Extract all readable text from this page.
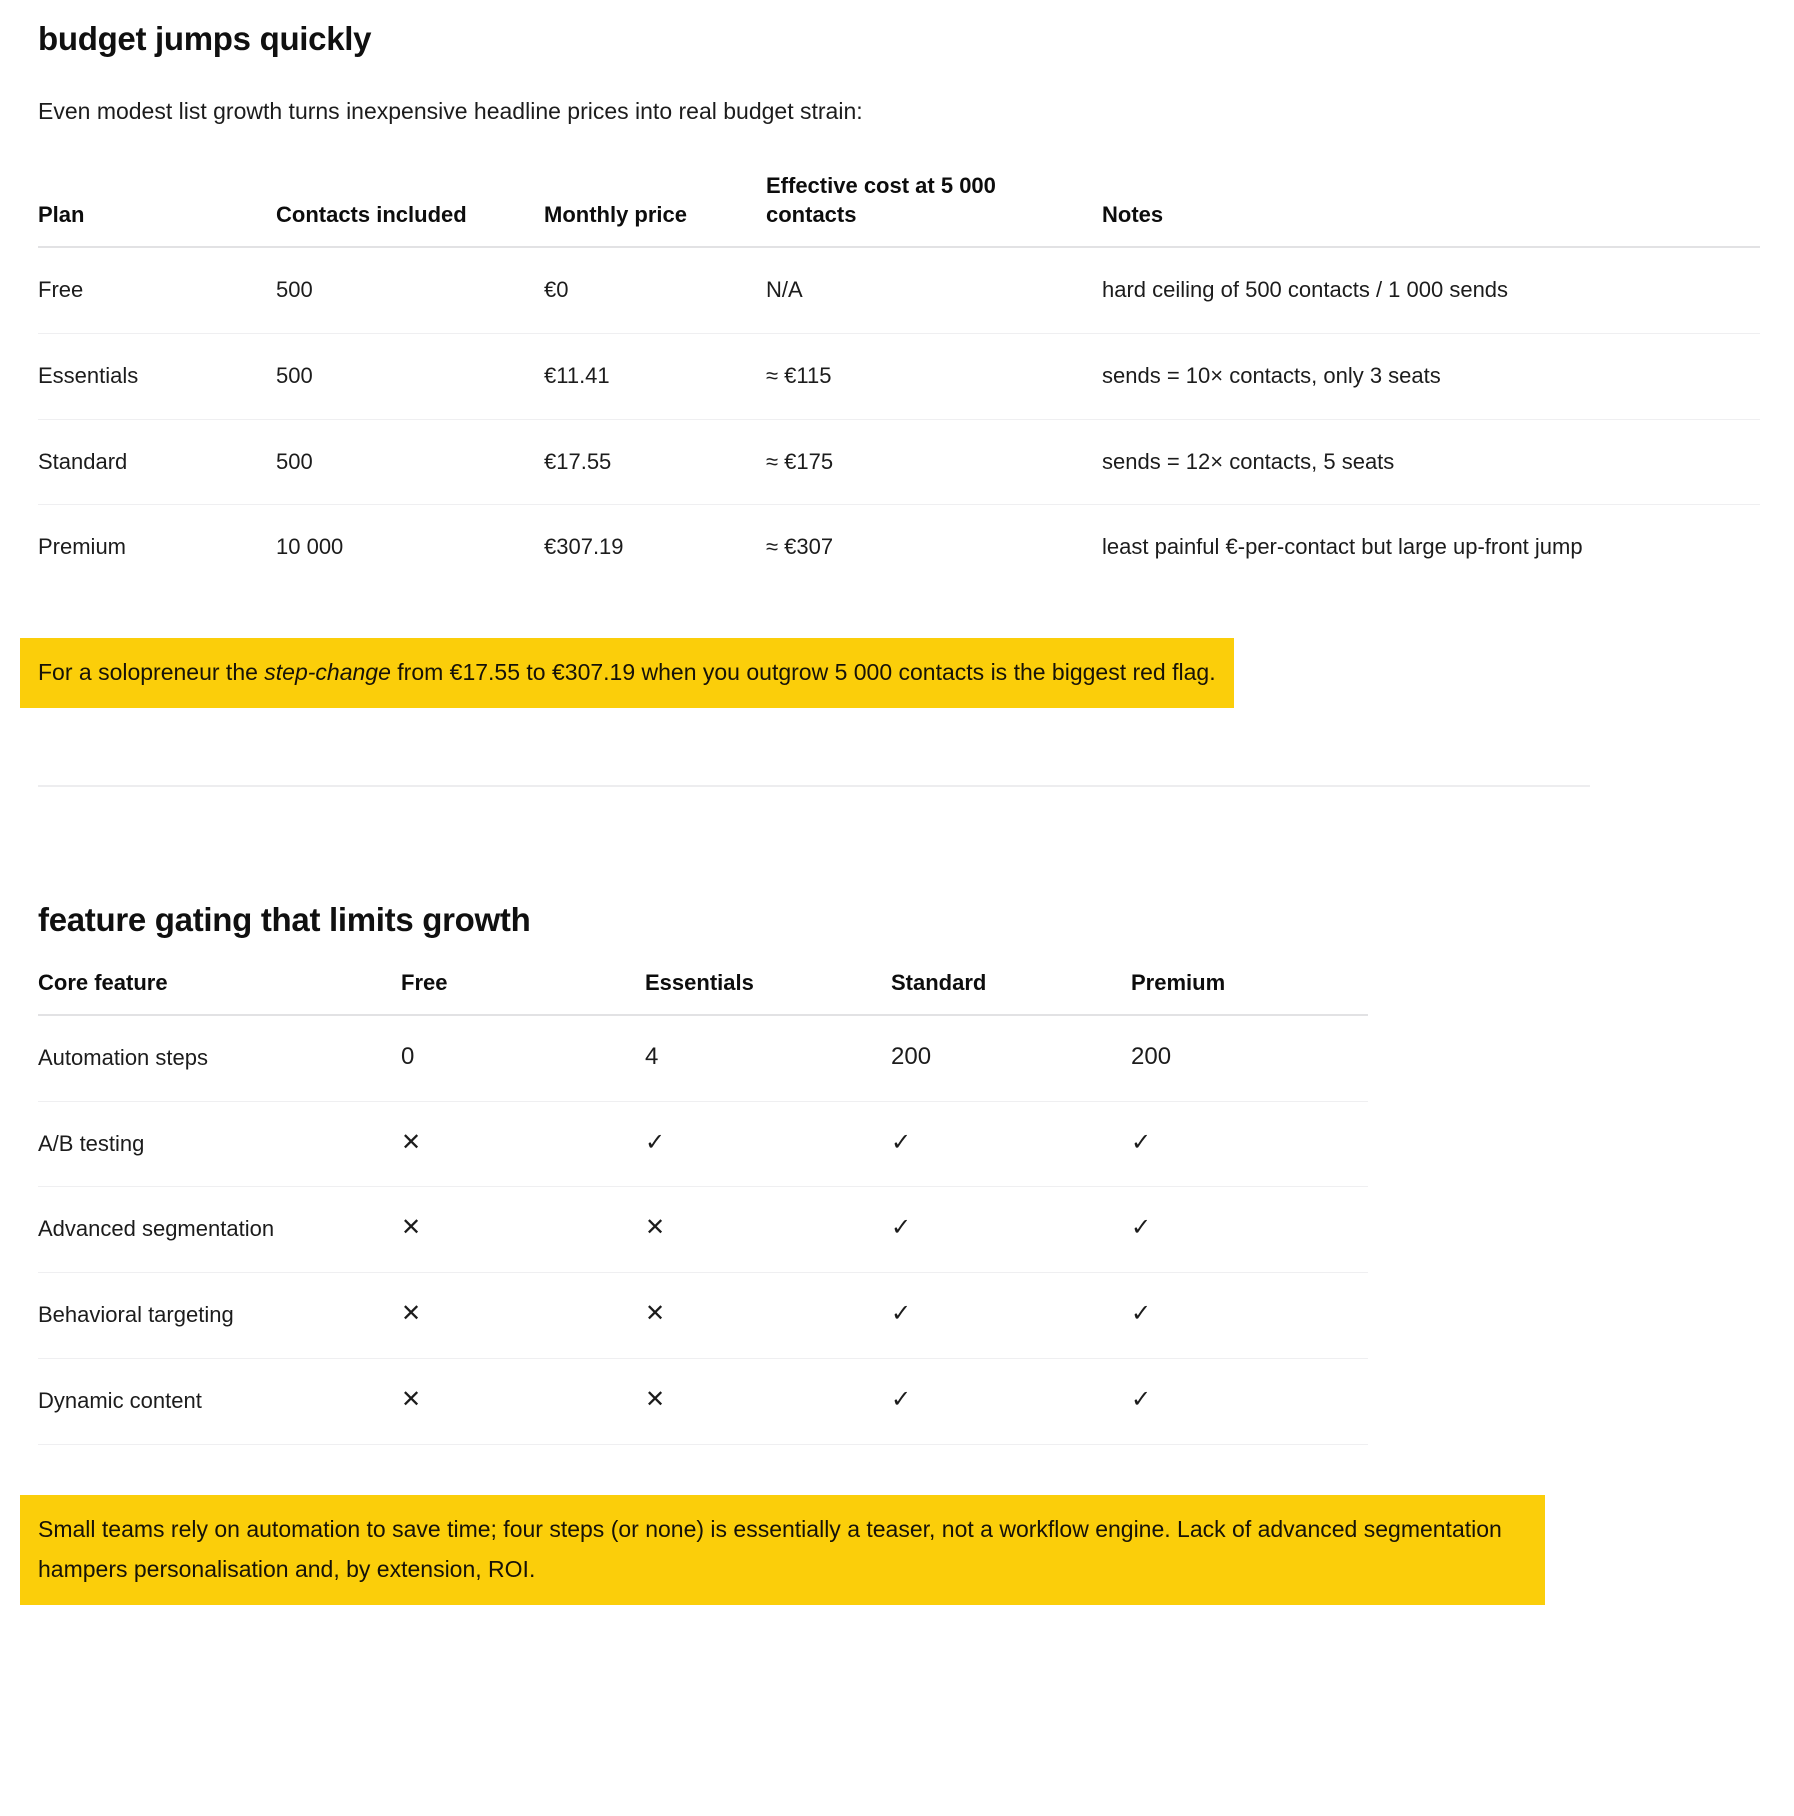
budget jumps quickly

Even modest list growth turns inexpensive headline prices into real budget strain:

Plan	Contacts included	Monthly price	Effective cost at 5 000 contacts	Notes
Free	500	€0	N/A	hard ceiling of 500 contacts / 1 000 sends
Essentials	500	€11.41	≈ €115	sends = 10× contacts, only 3 seats
Standard	500	€17.55	≈ €175	sends = 12× contacts, 5 seats
Premium	10 000	€307.19	≈ €307	least painful €-per-contact but large up-front jump
For a solopreneur the step-change from €17.55 to €307.19 when you outgrow 5 000 contacts is the biggest red flag.
feature gating that limits growth
Core feature	Free	Essentials	Standard	Premium
Automation steps	0	4	200	200
A/B testing	✕	✓	✓	✓
Advanced segmentation	✕	✕	✓	✓
Behavioral targeting	✕	✕	✓	✓
Dynamic content	✕	✕	✓	✓
Small teams rely on automation to save time; four steps (or none) is essentially a teaser, not a workflow engine. Lack of advanced segmentation hampers personalisation and, by extension, ROI.
